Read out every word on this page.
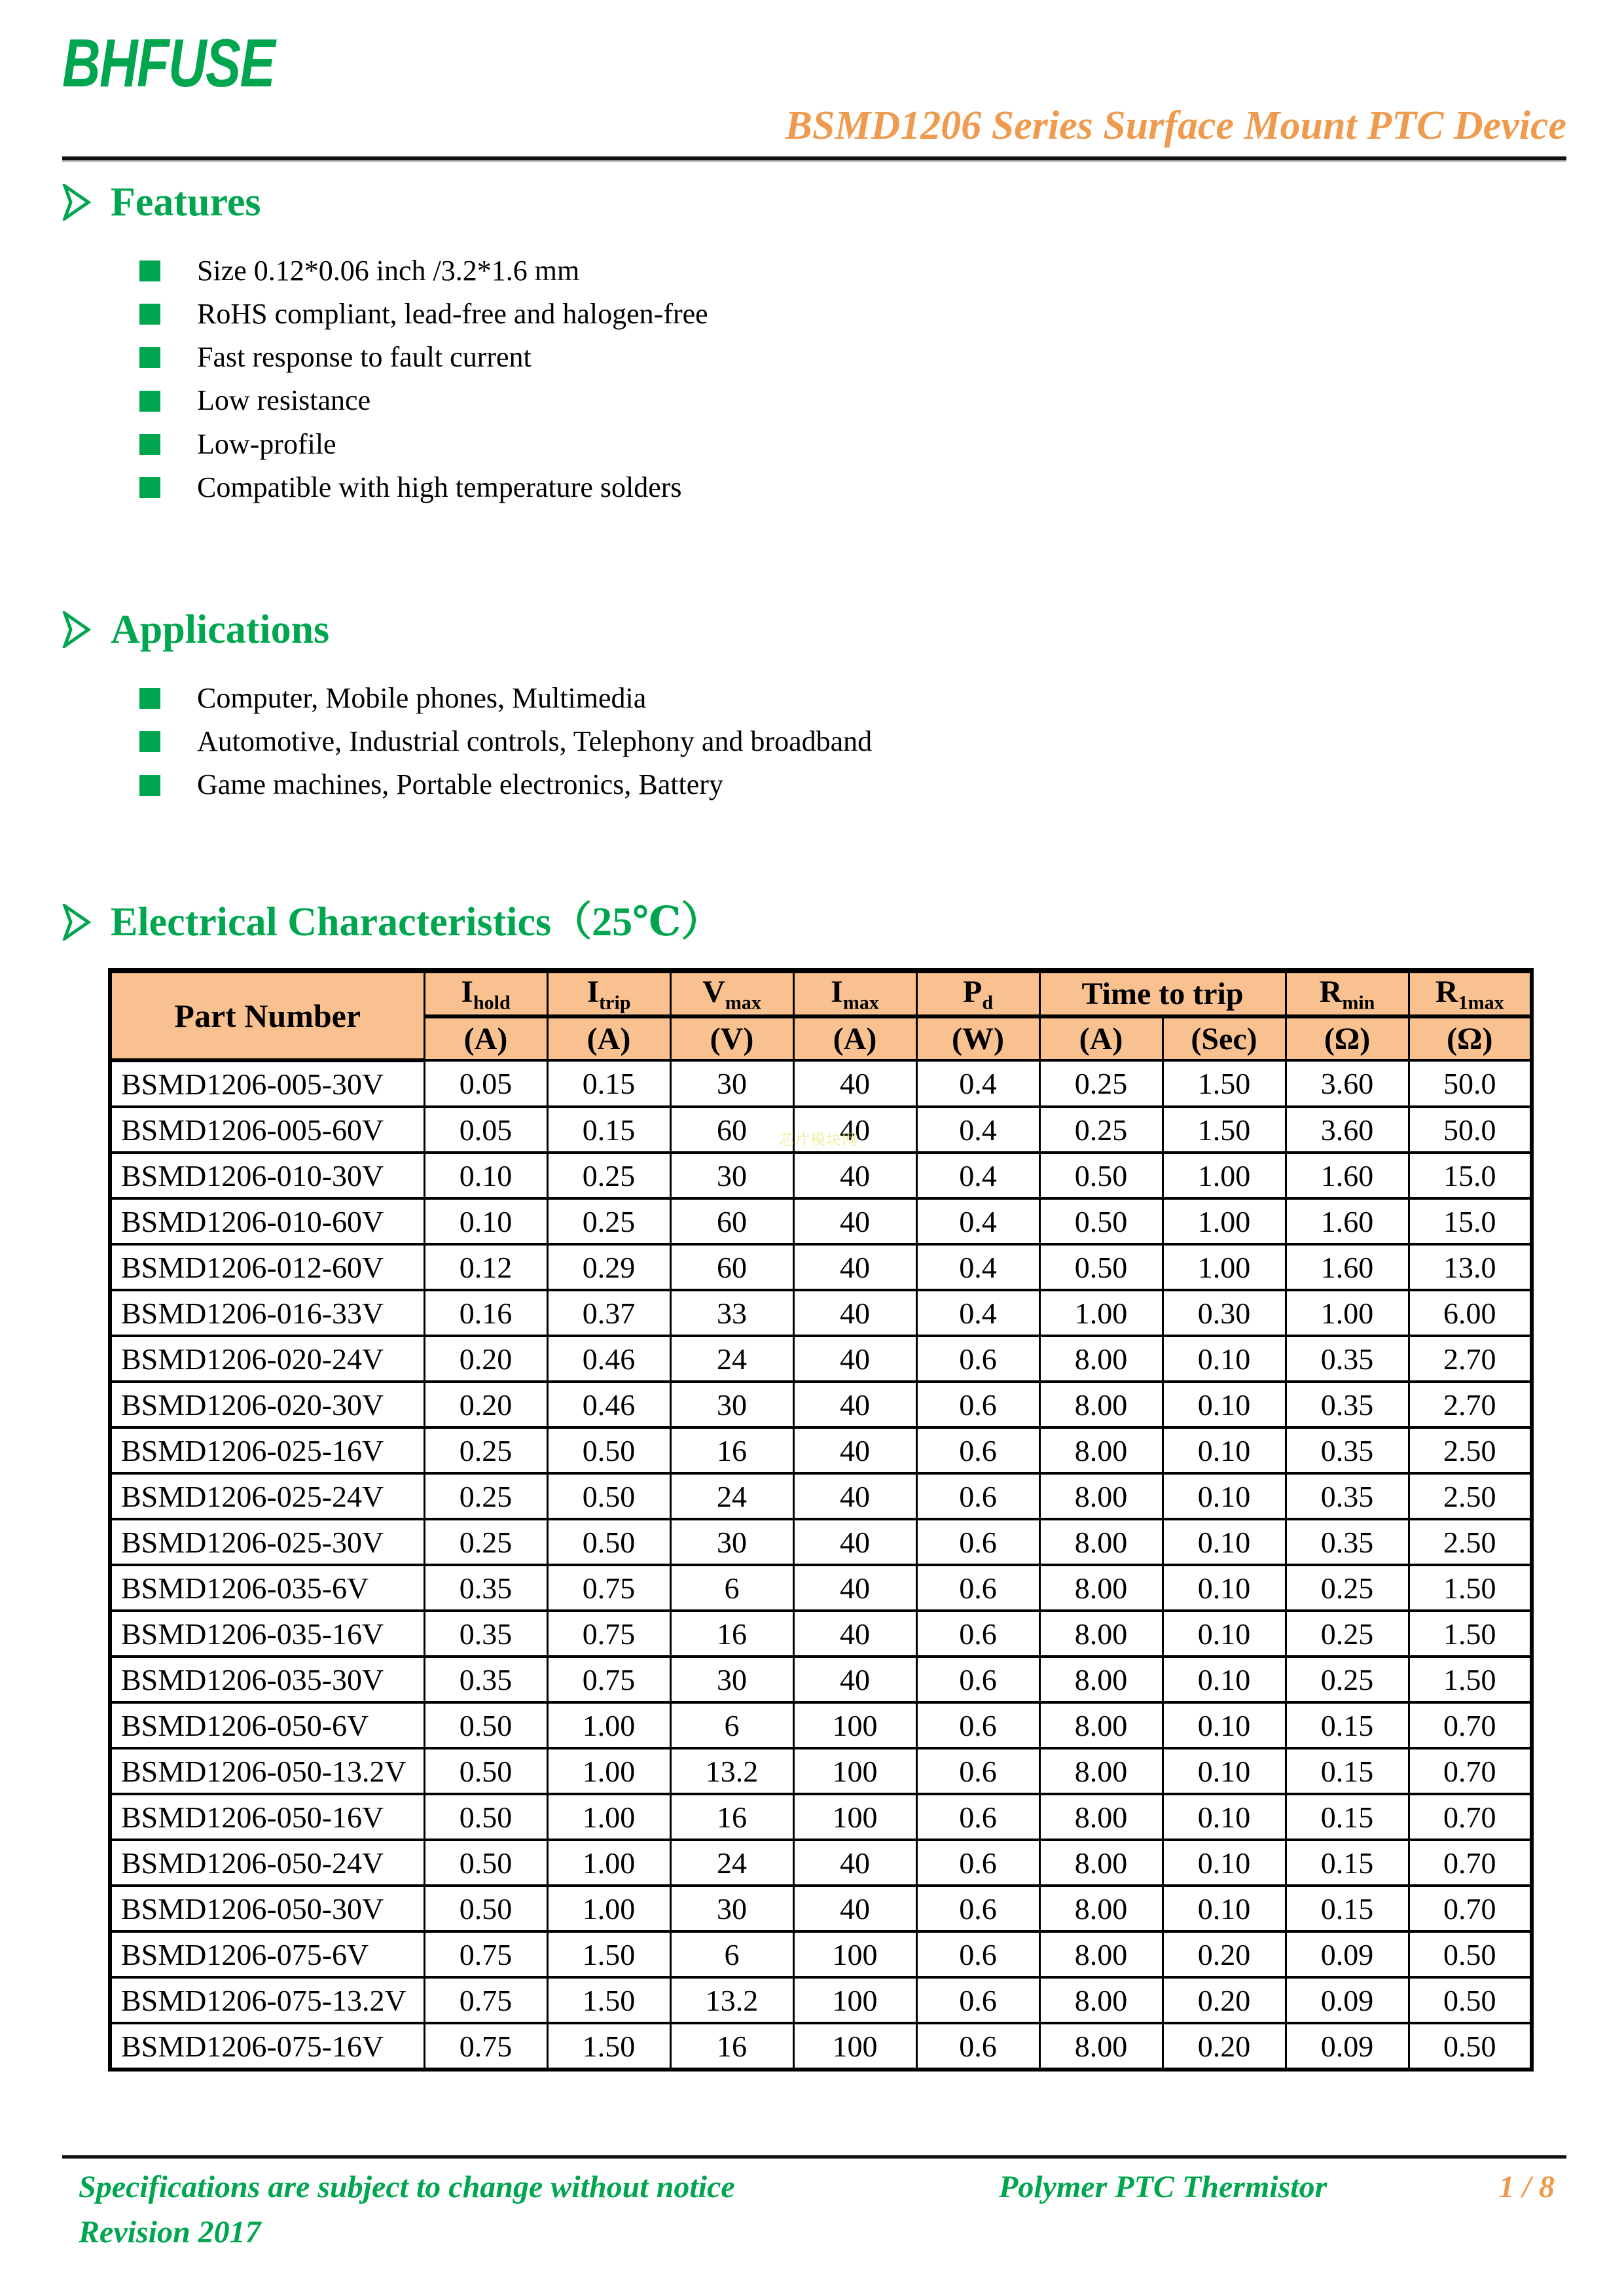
BHFUSE
BSMD1206 Series Surface Mount PTC Device
Features
Size 0.12*0.06 inch /3.2*1.6 mm
RoHS compliant, lead-free and halogen-free
Fast response to fault current
Low resistance
Low-profile
Compatible with high temperature solders
Applications
Computer, Mobile phones, Multimedia
Automotive, Industrial controls, Telephony and broadband
Game machines, Portable electronics, Battery
Electrical Characteristics（25℃）
Part Number	$I_{hold}$	$I_{trip}$	$V_{max}$	$I_{max}$	$P_d$	Time to trip		$R_{min}$	$R_{1max}$
	(A)	(A)	(V)	(A)	(W)	(A)	(Sec)	(Ω)	(Ω)
BSMD1206-005-30V	0.05	0.15	30	40	0.4	0.25	1.50	3.60	50.0
BSMD1206-005-60V	0.05	0.15	60	40	0.4	0.25	1.50	3.60	50.0
BSMD1206-010-30V	0.10	0.25	30	40	0.4	0.50	1.00	1.60	15.0
BSMD1206-010-60V	0.10	0.25	60	40	0.4	0.50	1.00	1.60	15.0
BSMD1206-012-60V	0.12	0.29	60	40	0.4	0.50	1.00	1.60	13.0
BSMD1206-016-33V	0.16	0.37	33	40	0.4	1.00	0.30	1.00	6.00
BSMD1206-020-24V	0.20	0.46	24	40	0.6	8.00	0.10	0.35	2.70
BSMD1206-020-30V	0.20	0.46	30	40	0.6	8.00	0.10	0.35	2.70
BSMD1206-025-16V	0.25	0.50	16	40	0.6	8.00	0.10	0.35	2.50
BSMD1206-025-24V	0.25	0.50	24	40	0.6	8.00	0.10	0.35	2.50
BSMD1206-025-30V	0.25	0.50	30	40	0.6	8.00	0.10	0.35	2.50
BSMD1206-035-6V	0.35	0.75	6	40	0.6	8.00	0.10	0.25	1.50
BSMD1206-035-16V	0.35	0.75	16	40	0.6	8.00	0.10	0.25	1.50
BSMD1206-035-30V	0.35	0.75	30	40	0.6	8.00	0.10	0.25	1.50
BSMD1206-050-6V	0.50	1.00	6	100	0.6	8.00	0.10	0.15	0.70
BSMD1206-050-13.2V	0.50	1.00	13.2	100	0.6	8.00	0.10	0.15	0.70
BSMD1206-050-16V	0.50	1.00	16	100	0.6	8.00	0.10	0.15	0.70
BSMD1206-050-24V	0.50	1.00	24	40	0.6	8.00	0.10	0.15	0.70
BSMD1206-050-30V	0.50	1.00	30	40	0.6	8.00	0.10	0.15	0.70
BSMD1206-075-6V	0.75	1.50	6	100	0.6	8.00	0.20	0.09	0.50
BSMD1206-075-13.2V	0.75	1.50	13.2	100	0.6	8.00	0.20	0.09	0.50
BSMD1206-075-16V	0.75	1.50	16	100	0.6	8.00	0.20	0.09	0.50
芯片模块网
Specifications are subject to change without notice
Revision 2017
Polymer PTC Thermistor	1 / 8
